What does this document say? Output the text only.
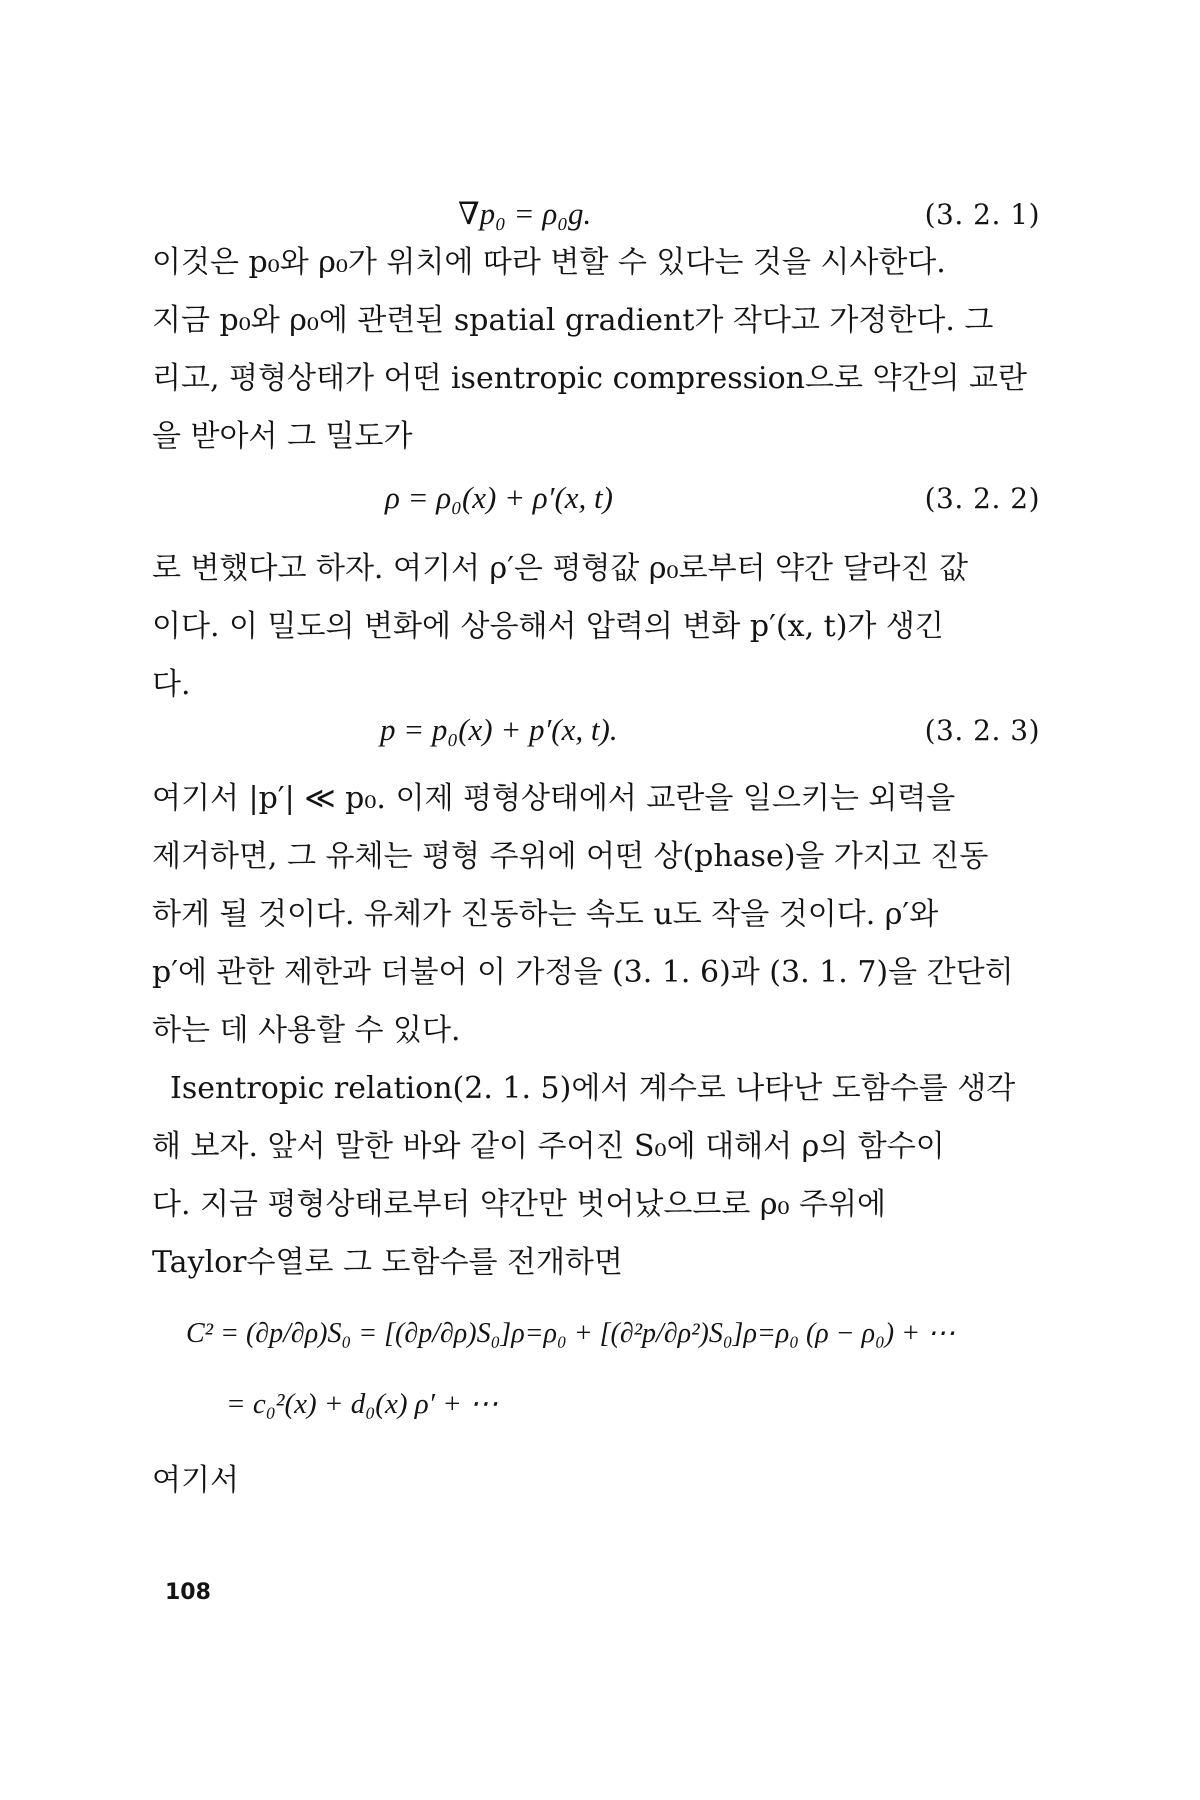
∇p₀ = ρ₀g.	(3. 2. 1)

이것은 p₀와 ρ₀가 위치에 따라 변할 수 있다는 것을 시사한다.

지금 p₀와 ρ₀에 관련된 spatial gradient가 작다고 가정한다. 그

리고, 평형상태가 어떤 isentropic compression으로 약간의 교란

을 받아서 그 밀도가

ρ = ρ₀(x) + ρ′(x, t)	(3. 2. 2)

로 변했다고 하자. 여기서 ρ′은 평형값 ρ₀로부터 약간 달라진 값

이다. 이 밀도의 변화에 상응해서 압력의 변화 p′(x, t)가 생긴

다.

p = p₀(x) + p′(x, t).	(3. 2. 3)

여기서 |p′| ≪ p₀. 이제 평형상태에서 교란을 일으키는 외력을

제거하면, 그 유체는 평형 주위에 어떤 상(phase)을 가지고 진동

하게 될 것이다. 유체가 진동하는 속도 u도 작을 것이다. ρ′와

p′에 관한 제한과 더불어 이 가정을 (3. 1. 6)과 (3. 1. 7)을 간단히

하는 데 사용할 수 있다.

Isentropic relation(2. 1. 5)에서 계수로 나타난 도함수를 생각

해 보자. 앞서 말한 바와 같이 주어진 S₀에 대해서 ρ의 함수이

다. 지금 평형상태로부터 약간만 벗어났으므로 ρ₀ 주위에

Taylor수열로 그 도함수를 전개하면

C² = (∂p/∂ρ)S₀ = [(∂p/∂ρ)S₀]ρ=ρ₀ + [(∂²p/∂ρ²)S₀]ρ=ρ₀ (ρ − ρ₀) + ⋯
= c₀²(x) + d₀(x) ρ′ + ⋯

여기서

108
